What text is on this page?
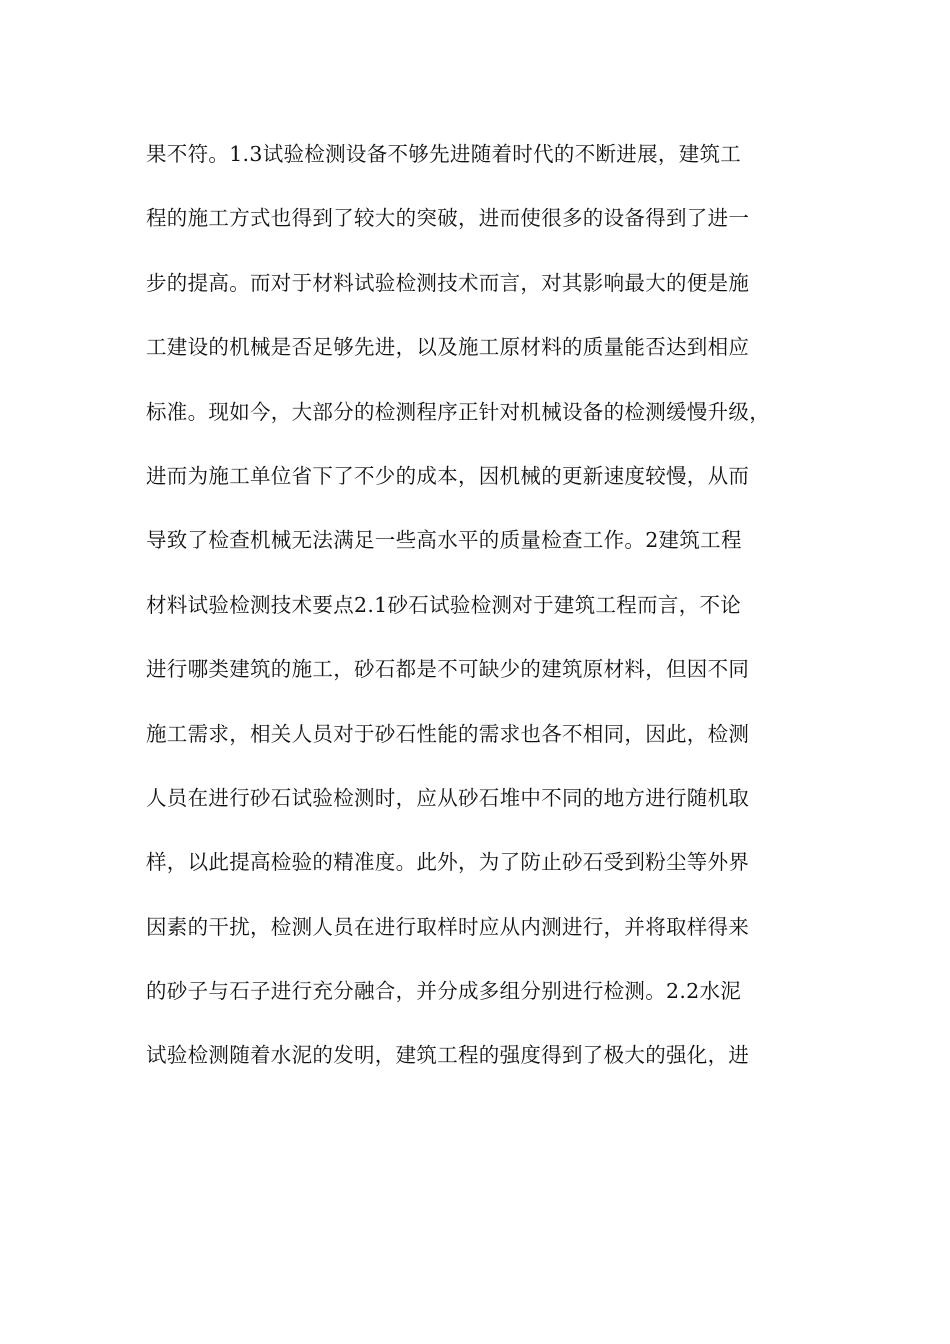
果不符。1.3试验检测设备不够先进随着时代的不断进展，建筑工
程的施工方式也得到了较大的突破，进而使很多的设备得到了进一
步的提高。而对于材料试验检测技术而言，对其影响最大的便是施
工建设的机械是否足够先进，以及施工原材料的质量能否达到相应
标准。现如今，大部分的检测程序正针对机械设备的检测缓慢升级，
进而为施工单位省下了不少的成本，因机械的更新速度较慢，从而
导致了检查机械无法满足一些高水平的质量检查工作。2建筑工程
材料试验检测技术要点2.1砂石试验检测对于建筑工程而言，不论
进行哪类建筑的施工，砂石都是不可缺少的建筑原材料，但因不同
施工需求，相关人员对于砂石性能的需求也各不相同，因此，检测
人员在进行砂石试验检测时，应从砂石堆中不同的地方进行随机取
样，以此提高检验的精准度。此外，为了防止砂石受到粉尘等外界
因素的干扰，检测人员在进行取样时应从内测进行，并将取样得来
的砂子与石子进行充分融合，并分成多组分别进行检测。2.2水泥
试验检测随着水泥的发明，建筑工程的强度得到了极大的强化，进
